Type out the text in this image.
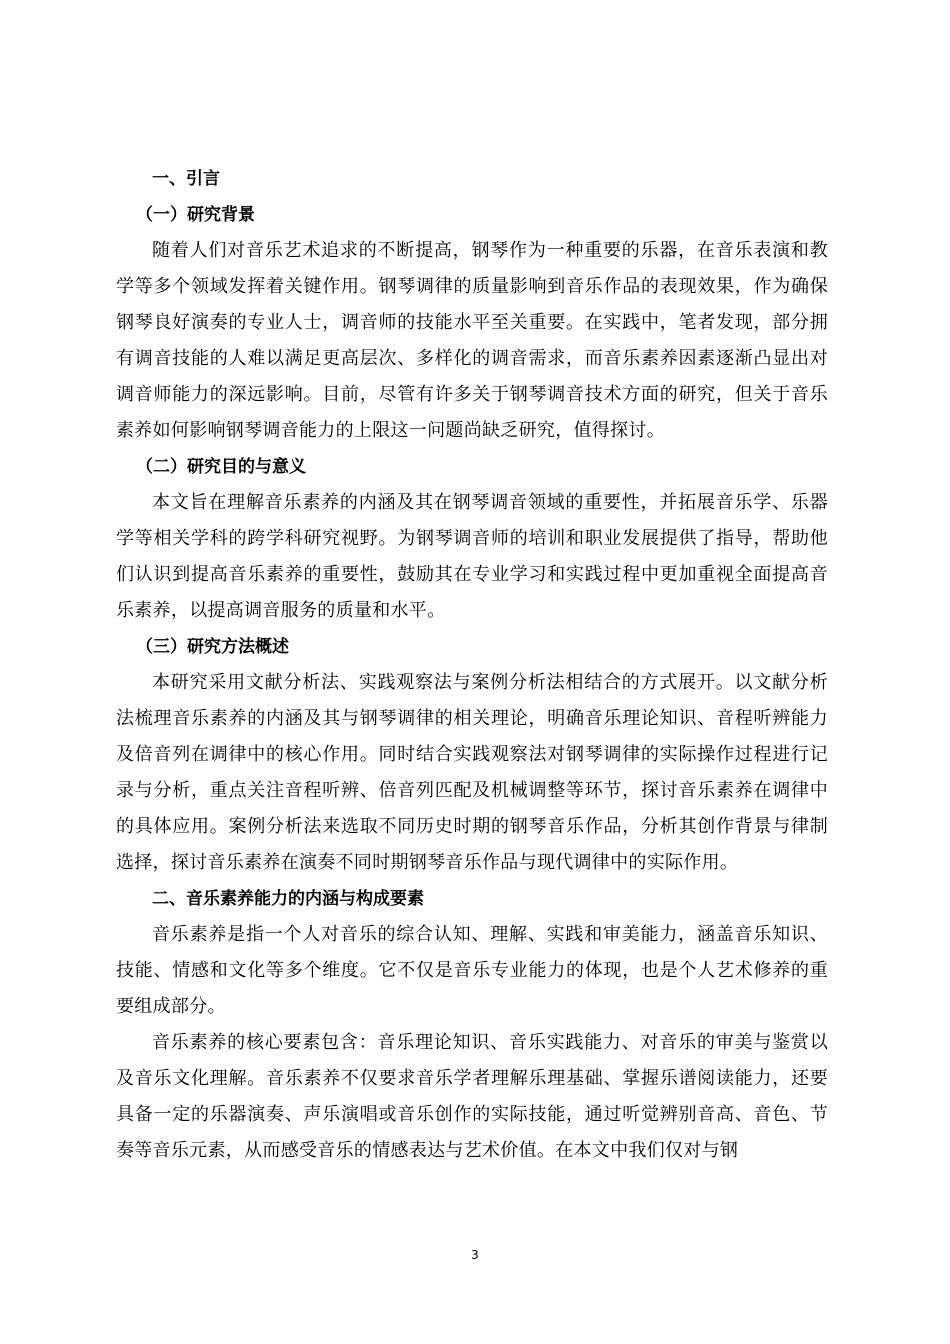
一、引言

（一）研究背景

随着人们对音乐艺术追求的不断提高，钢琴作为一种重要的乐器，在音乐表演和教学等多个领域发挥着关键作用。钢琴调律的质量影响到音乐作品的表现效果，作为确保钢琴良好演奏的专业人士，调音师的技能水平至关重要。在实践中，笔者发现，部分拥有调音技能的人难以满足更高层次、多样化的调音需求，而音乐素养因素逐渐凸显出对调音师能力的深远影响。目前，尽管有许多关于钢琴调音技术方面的研究，但关于音乐素养如何影响钢琴调音能力的上限这一问题尚缺乏研究，值得探讨。

（二）研究目的与意义

本文旨在理解音乐素养的内涵及其在钢琴调音领域的重要性，并拓展音乐学、乐器学等相关学科的跨学科研究视野。为钢琴调音师的培训和职业发展提供了指导，帮助他们认识到提高音乐素养的重要性，鼓励其在专业学习和实践过程中更加重视全面提高音乐素养，以提高调音服务的质量和水平。

（三）研究方法概述

本研究采用文献分析法、实践观察法与案例分析法相结合的方式展开。以文献分析法梳理音乐素养的内涵及其与钢琴调律的相关理论，明确音乐理论知识、音程听辨能力及倍音列在调律中的核心作用。同时结合实践观察法对钢琴调律的实际操作过程进行记录与分析，重点关注音程听辨、倍音列匹配及机械调整等环节，探讨音乐素养在调律中的具体应用。案例分析法来选取不同历史时期的钢琴音乐作品，分析其创作背景与律制选择，探讨音乐素养在演奏不同时期钢琴音乐作品与现代调律中的实际作用。

二、音乐素养能力的内涵与构成要素

音乐素养是指一个人对音乐的综合认知、理解、实践和审美能力，涵盖音乐知识、技能、情感和文化等多个维度。它不仅是音乐专业能力的体现，也是个人艺术修养的重要组成部分。

音乐素养的核心要素包含：音乐理论知识、音乐实践能力、对音乐的审美与鉴赏以及音乐文化理解。音乐素养不仅要求音乐学者理解乐理基础、掌握乐谱阅读能力，还要具备一定的乐器演奏、声乐演唱或音乐创作的实际技能，通过听觉辨别音高、音色、节奏等音乐元素，从而感受音乐的情感表达与艺术价值。在本文中我们仅对与钢

3
